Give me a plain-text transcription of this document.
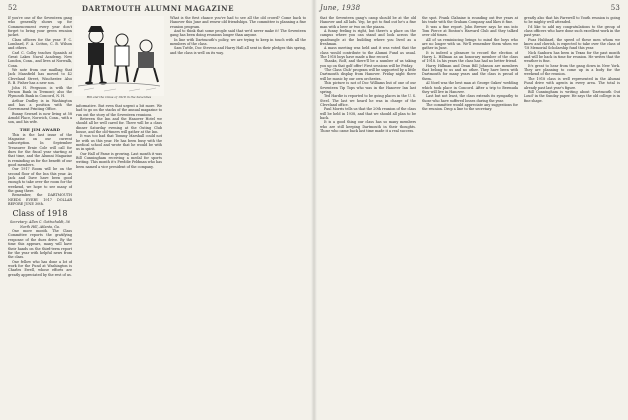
52	DARTMOUTH ALUMNI MAGAZINE

If you're one of the Seventeen gang who generally shows up for Commencement every year don't forget to bring your green reunion jacket.

Class officers for the year: F. C. Lombard, F. A. Cotton, C. B. Wilson and others.

Carl C. Colby teaches Spanish at Great Lakes Naval Academy, New London, Conn., and lives at Norwalk, Conn.

We note from our mailbag that Jack Mansfield has moved to 42 Cleveland Street, Winchester. Also R. B. Fisher has a new son.

John H. Ferguson is with the Vernon Bank in Tremont; also the Plymouth Bank in Concord, N. H.

Arthur Dudley is in Washington and has a position with the Government Printing Office.

Bunny Seward is now living at 58 Arnold Place, Norwich, Conn., with a son, and his wife.

THE JIM AWARD

This is the last issue of the Magazine on our current subscription. In September Treasurer Ernie Cole will call for dues for the fiscal year starting at that time, and the Alumni Magazine is reminding us for the benefit of our good members.

Our 1917 Room will be on the second floor of the Inn this year. As Jack and Dave have been good enough to take over the room for the weekend, we hope to see many of the gang there.

Remember, the DARTMOUTH NEEDS EVERY 1917 DOLLAR BEFORE JUNE 30th.

Class of 1918
Secretary: Allan C. Gottschaldt, 56 North Hill, Atlanta, Ga.

One more month. The Class Committee reports the gratifying response of the dues drive. By the time this appears, many will have their hands on the third-term report for the year with helpful news from the class.

One fellow who has done a lot of work for the Fund at Washington is Charles Ewell, whose efforts are greatly appreciated by the rest of us.

Bill and the Class of 1918 in the Seventies

informative. But even that urgent a bit more. We had to go on the stacks of the annual magazine to run out the story of the Seventeen reunions.

Between the Inn and the Hanover Hotel we should all be well cared for. There will be a class dinner Saturday evening at the Outing Club house, and the old-timers will gather at the Inn.

It was too bad that Tommy Marshall could not be with us this year. He has been busy with the medical school and wrote that he would be with us in spirit.

Our Hall of Fame is growing. Last month it was Bill Cunningham receiving a medal for sports writing. This month it's Freddie Feldman who has been named a vice president of the company.

What is the first chance you've had to see all the old crowd? Come back to Hanover this June and renew old friendships. The committee is planning a fine reunion program.

And to think that some people said that we'd never make it! The Seventeen gang has been doing reunions longer than anyone.

In line with Dartmouth's policy, we are trying to keep in touch with all the members of the class.

Sam Tuttle, Doc Stevens and Harry Hall all sent in their pledges this spring, and the class is well on its way.

June, 1938	53

that the Seventeen gang's camp should be at the old Hanover and all lads. Yep, he got to find out he's a fine man with a beer or two on the piazza.

A funny feeling is right, but there's a place on the campus where you can stand and look across the quadrangle at the building where you lived as a freshman.

A mass meeting was held and it was voted that the class would contribute to the Alumni Fund as usual. The 1918 boys have made a fine record.

Thanks, Rolf, and there'll be a number of us taking you up on that golf offer! First sessions will be Friday.

'The Class Club' program will be supported by a little Dartmouth display from Hanover. Friday night there will be music by our own orchestra.

This picture is not of Doc Williams but of one of our Seventeen Tip Tops who was in the Hanover Inn last spring.

Ted Hardie is reported to be going places in the U. S. Steel. The last we heard he was in charge of the Cleveland office.

Paul Morris tells us that the 20th reunion of the class will be held in 1938, and that we should all plan to be back.

It is a good thing our class has so many members who are still keeping Dartmouth in their thoughts. Those who came back last time made it a real success.

the spot. Frank Clabaine is rounding out five years at his trade with the Graham Company and likes it fine.

It was a fine report. John Brewer says he ran into Tom Pierce at Boston's Harvard Club and they talked over old times.

All of us reminiscing brings to mind the boys who are no longer with us. We'll remember them when we gather in June.

It is indeed a pleasure to record the election of Harry L. Hillman as an honorary member of the class of 1918. In his years the class has had no better friend.

Harry Hillman and Dean Bill Johnson are members that belong to us and no other. They have been with Dartmouth for many years and the class is proud of them.

Al Nord was the best man at George Oakes' wedding which took place in Concord. After a trip to Bermuda they will live in Hanover.

Last but not least, the class extends its sympathy to those who have suffered losses during the year.

The committee would appreciate any suggestions for the reunion. Drop a line to the secretary.

greatly also that his Farewell to Youth reunion is going to be mighty well attended.

I'd like to add my congratulations to the group of class officers who have done such excellent work in the past year.

Fuzz Hubbard, the speed of these men whom we know and cherish, is expected to take over the class of '18 Memorial Scholarship fund this year.

Nick Sanborn has been in Texas for the past month and will be back in time for reunion. He writes that the weather is fine.

It's great to hear from the gang down in New York. They are planning to come up in a body for the weekend of the reunion.

The 1918 class is well represented in the Alumni Fund drive with agents in every area. The total is already past last year's figure.

Bill Cunningham is writing about 'Dartmouth Out Loud' in the Sunday paper. He says the old college is in fine shape.
